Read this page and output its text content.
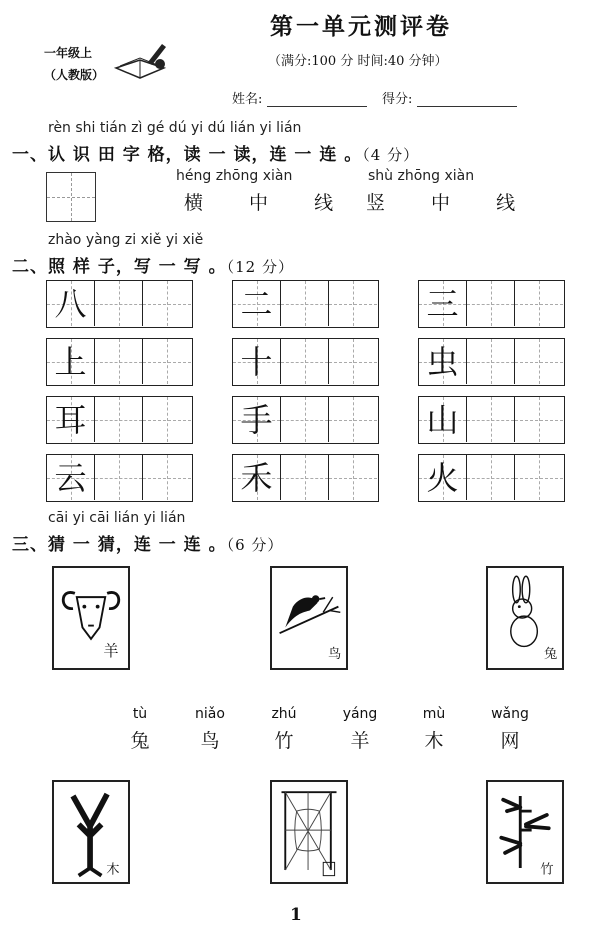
第一单元测评卷
（满分:100 分 时间:40 分钟）
一年级上
（人教版）
姓名:	得分:
rèn shi tián zì gé dú yi dú lián yi lián
一、认 识 田 字 格，读 一 读，连 一 连 。（4 分）
héng zhōng xiàn
横 中 线
shù zhōng xiàn
竖 中 线
zhào yàng zi xiě yi xiě
二、照 样 子，写 一 写 。（12 分）
八	二	三
上	十	虫
耳	手	山
云	禾	火
cāi yi cāi lián yi lián
三、猜 一 猜，连 一 连 。（6 分）
羊	鸟	兔
tù
兔
niǎo
鸟
zhú
竹
yáng
羊
mù
木
wǎng
网
木	竹
1
